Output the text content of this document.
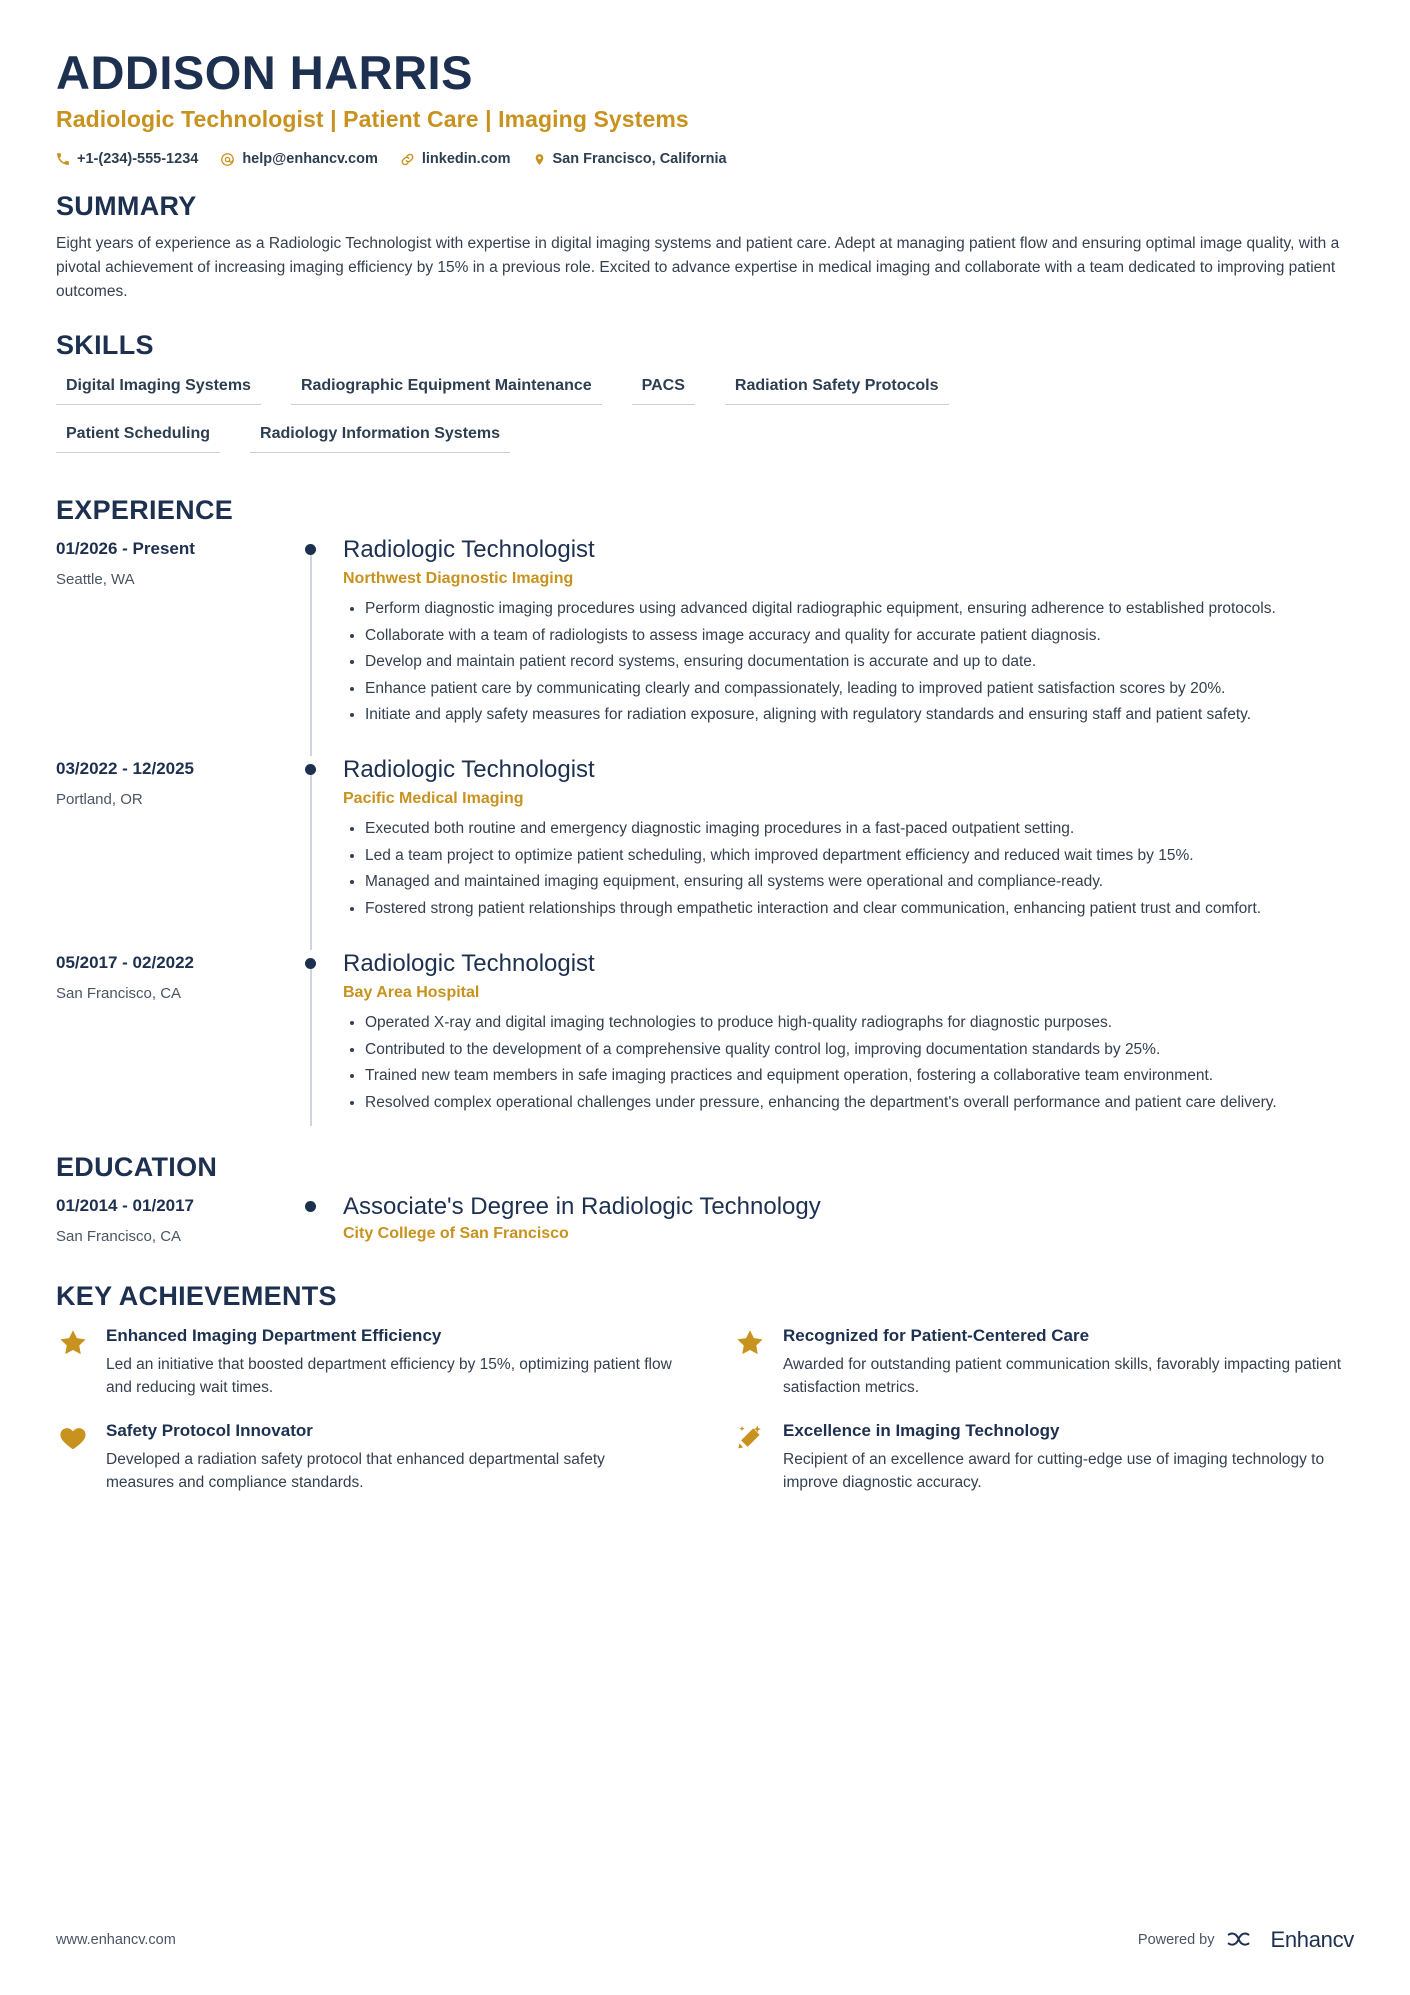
ADDISON HARRIS
Radiologic Technologist | Patient Care | Imaging Systems
+1-(234)-555-1234	help@enhancv.com	linkedin.com	San Francisco, California
SUMMARY

Eight years of experience as a Radiologic Technologist with expertise in digital imaging systems and patient care. Adept at managing patient flow and ensuring optimal image quality, with a pivotal achievement of increasing imaging efficiency by 15% in a previous role. Excited to advance expertise in medical imaging and collaborate with a team dedicated to improving patient outcomes.

SKILLS
Digital Imaging Systems	Radiographic Equipment Maintenance	PACS	Radiation Safety Protocols
Patient Scheduling	Radiology Information Systems
EXPERIENCE
01/2026 - Present
Seattle, WA
Radiologic Technologist
Northwest Diagnostic Imaging
• Perform diagnostic imaging procedures using advanced digital radiographic equipment, ensuring adherence to established protocols.
• Collaborate with a team of radiologists to assess image accuracy and quality for accurate patient diagnosis.
• Develop and maintain patient record systems, ensuring documentation is accurate and up to date.
• Enhance patient care by communicating clearly and compassionately, leading to improved patient satisfaction scores by 20%.
• Initiate and apply safety measures for radiation exposure, aligning with regulatory standards and ensuring staff and patient safety.
03/2022 - 12/2025
Portland, OR
Radiologic Technologist
Pacific Medical Imaging
• Executed both routine and emergency diagnostic imaging procedures in a fast-paced outpatient setting.
• Led a team project to optimize patient scheduling, which improved department efficiency and reduced wait times by 15%.
• Managed and maintained imaging equipment, ensuring all systems were operational and compliance-ready.
• Fostered strong patient relationships through empathetic interaction and clear communication, enhancing patient trust and comfort.
05/2017 - 02/2022
San Francisco, CA
Radiologic Technologist
Bay Area Hospital
• Operated X-ray and digital imaging technologies to produce high-quality radiographs for diagnostic purposes.
• Contributed to the development of a comprehensive quality control log, improving documentation standards by 25%.
• Trained new team members in safe imaging practices and equipment operation, fostering a collaborative team environment.
• Resolved complex operational challenges under pressure, enhancing the department's overall performance and patient care delivery.
EDUCATION
01/2014 - 01/2017
San Francisco, CA
Associate's Degree in Radiologic Technology
City College of San Francisco
KEY ACHIEVEMENTS
Enhanced Imaging Department Efficiency
Led an initiative that boosted department efficiency by 15%, optimizing patient flow and reducing wait times.
Recognized for Patient-Centered Care
Awarded for outstanding patient communication skills, favorably impacting patient satisfaction metrics.
Safety Protocol Innovator
Developed a radiation safety protocol that enhanced departmental safety measures and compliance standards.
Excellence in Imaging Technology
Recipient of an excellence award for cutting-edge use of imaging technology to improve diagnostic accuracy.
www.enhancv.com	Powered by	Enhancv
